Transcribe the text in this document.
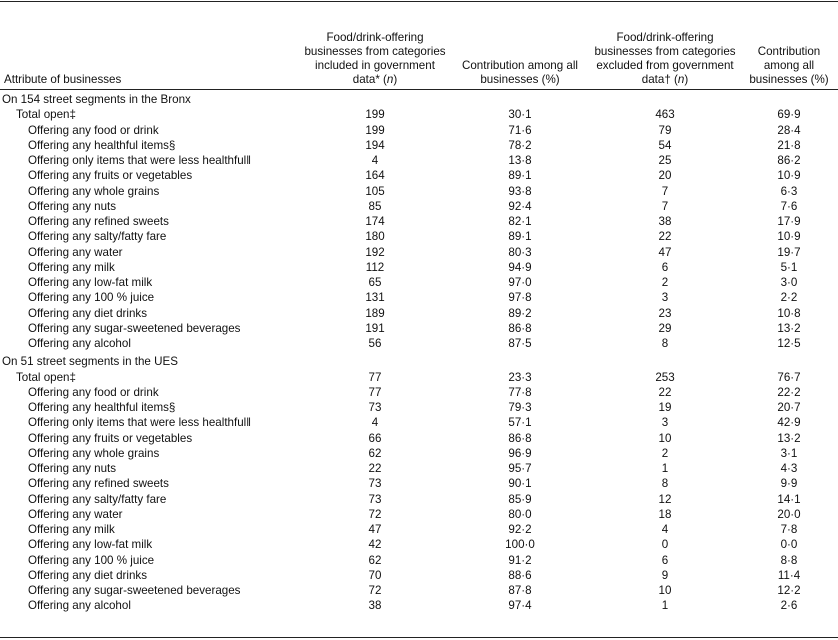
Attribute of businesses	Food/drink-offering businesses from categories included in government data* (n)	Contribution among all businesses (%)	Food/drink-offering businesses from categories excluded from government data† (n)	Contribution among all businesses (%)
On 154 street segments in the Bronx				
Total open‡	199	30·1	463	69·9
Offering any food or drink	199	71·6	79	28·4
Offering any healthful items§	194	78·2	54	21·8
Offering only items that were less healthful‖	4	13·8	25	86·2
Offering any fruits or vegetables	164	89·1	20	10·9
Offering any whole grains	105	93·8	7	6·3
Offering any nuts	85	92·4	7	7·6
Offering any refined sweets	174	82·1	38	17·9
Offering any salty/fatty fare	180	89·1	22	10·9
Offering any water	192	80·3	47	19·7
Offering any milk	112	94·9	6	5·1
Offering any low-fat milk	65	97·0	2	3·0
Offering any 100 % juice	131	97·8	3	2·2
Offering any diet drinks	189	89·2	23	10·8
Offering any sugar-sweetened beverages	191	86·8	29	13·2
Offering any alcohol	56	87·5	8	12·5
On 51 street segments in the UES				
Total open‡	77	23·3	253	76·7
Offering any food or drink	77	77·8	22	22·2
Offering any healthful items§	73	79·3	19	20·7
Offering only items that were less healthful‖	4	57·1	3	42·9
Offering any fruits or vegetables	66	86·8	10	13·2
Offering any whole grains	62	96·9	2	3·1
Offering any nuts	22	95·7	1	4·3
Offering any refined sweets	73	90·1	8	9·9
Offering any salty/fatty fare	73	85·9	12	14·1
Offering any water	72	80·0	18	20·0
Offering any milk	47	92·2	4	7·8
Offering any low-fat milk	42	100·0	0	0·0
Offering any 100 % juice	62	91·2	6	8·8
Offering any diet drinks	70	88·6	9	11·4
Offering any sugar-sweetened beverages	72	87·8	10	12·2
Offering any alcohol	38	97·4	1	2·6
